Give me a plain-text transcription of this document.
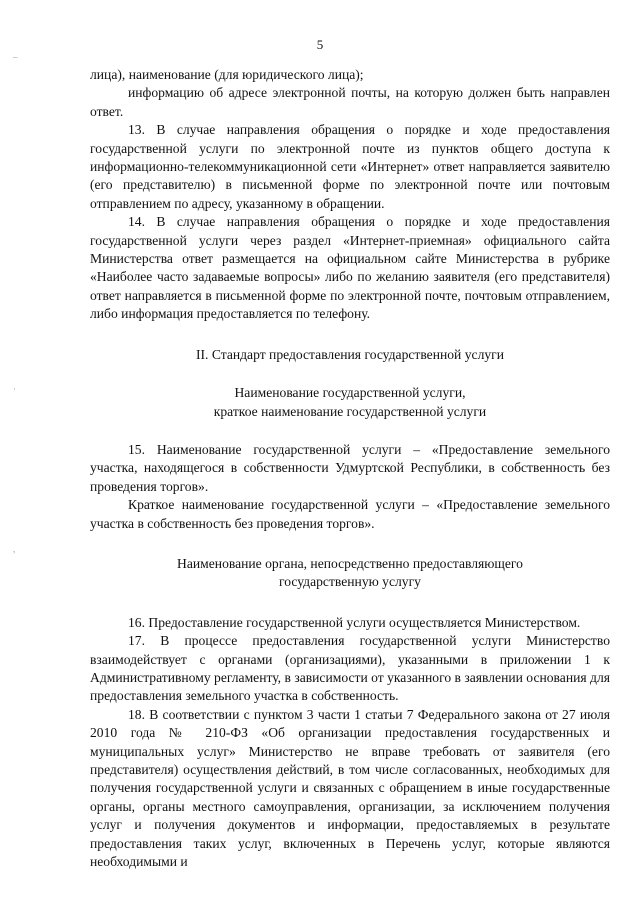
–
·
,
5

лица), наименование (для юридического лица);

информацию об адресе электронной почты, на которую должен быть направлен ответ.

13. В случае направления обращения о порядке и ходе предоставления государственной услуги по электронной почте из пунктов общего доступа к информационно-телекоммуникационной сети «Интернет» ответ направляется заявителю (его представителю) в письменной форме по электронной почте или почтовым отправлением по адресу, указанному в обращении.

14. В случае направления обращения о порядке и ходе предоставления государственной услуги через раздел «Интернет-приемная» официального сайта Министерства ответ размещается на официальном сайте Министерства в рубрике «Наиболее часто задаваемые вопросы» либо по желанию заявителя (его представителя) ответ направляется в письменной форме по электронной почте, почтовым отправлением, либо информация предоставляется по телефону.

II. Стандарт предоставления государственной услуги

Наименование государственной услуги,

краткое наименование государственной услуги

15. Наименование государственной услуги – «Предоставление земельного участка, находящегося в собственности Удмуртской Республики, в собственность без проведения торгов».

Краткое наименование государственной услуги – «Предоставление земельного участка в собственность без проведения торгов».

Наименование органа, непосредственно предоставляющего

государственную услугу

16. Предоставление государственной услуги осуществляется Министерством.

17. В процессе предоставления государственной услуги Министерство взаимодействует с органами (организациями), указанными в приложении 1 к Административному регламенту, в зависимости от указанного в заявлении основания для предоставления земельного участка в собственность.

18. В соответствии с пунктом 3 части 1 статьи 7 Федерального закона от 27 июля 2010 года № 210-ФЗ «Об организации предоставления государственных и муниципальных услуг» Министерство не вправе требовать от заявителя (его представителя) осуществления действий, в том числе согласованных, необходимых для получения государственной услуги и связанных с обращением в иные государственные органы, органы местного самоуправления, организации, за исключением получения услуг и получения документов и информации, предоставляемых в результате предоставления таких услуг, включенных в Перечень услуг, которые являются необходимыми и
